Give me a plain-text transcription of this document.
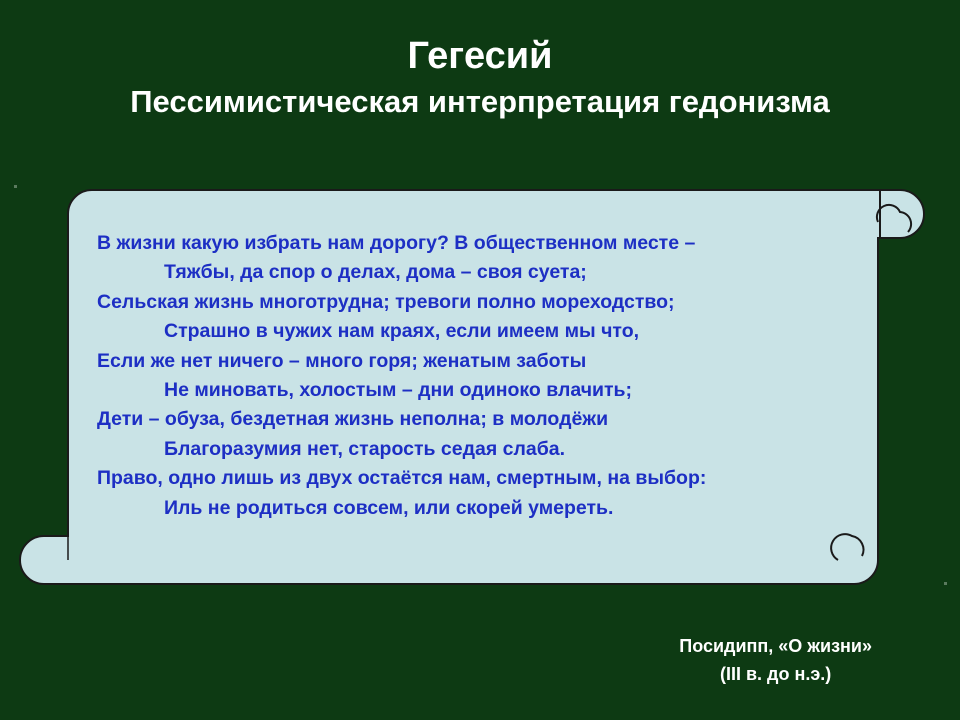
Гегесий
Пессимистическая интерпретация гедонизма
В жизни какую избрать нам дорогу? В общественном месте –
Тяжбы, да спор о делах, дома – своя суета;
Сельская жизнь многотрудна; тревоги полно мореходство;
Страшно в чужих нам краях, если имеем мы что,
Если же нет ничего – много горя; женатым заботы
Не миновать, холостым – дни одиноко влачить;
Дети – обуза, бездетная жизнь неполна; в молодёжи
Благоразумия нет, старость седая слаба.
Право, одно лишь из двух остаётся нам, смертным, на выбор:
Иль не родиться совсем, или скорей умереть.
Посидипп, «О жизни»
(III в. до н.э.)
